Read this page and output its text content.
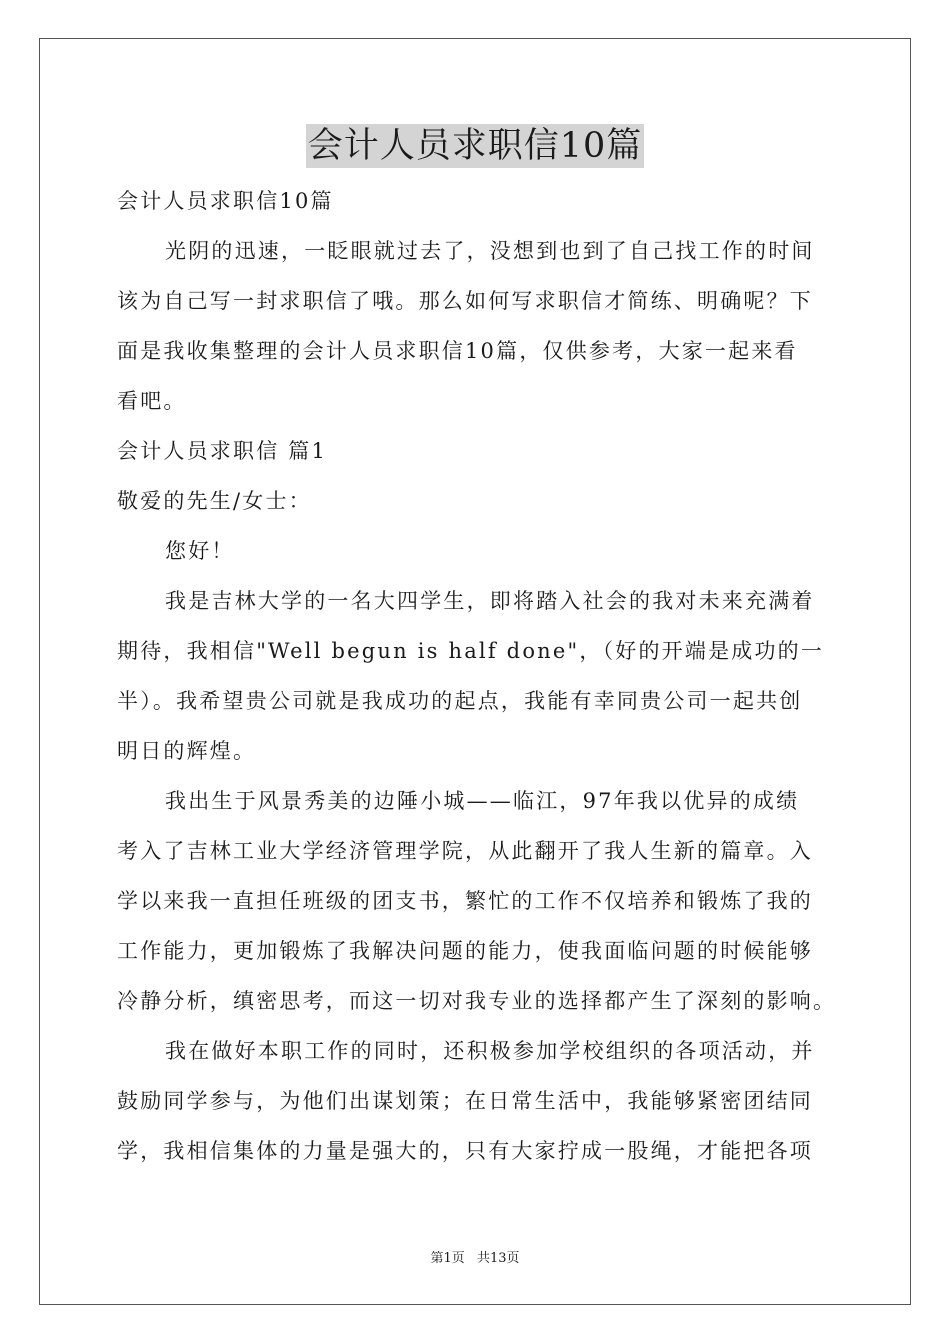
会计人员求职信10篇
会计人员求职信10篇
光阴的迅速，一眨眼就过去了，没想到也到了自己找工作的时间
该为自己写一封求职信了哦。那么如何写求职信才简练、明确呢？下
面是我收集整理的会计人员求职信10篇，仅供参考，大家一起来看
看吧。
会计人员求职信 篇1
敬爱的先生/女士：
您好！
我是吉林大学的一名大四学生，即将踏入社会的我对未来充满着
期待，我相信"Well begun is half done"，（好的开端是成功的一
半）。我希望贵公司就是我成功的起点，我能有幸同贵公司一起共创
明日的辉煌。
我出生于风景秀美的边陲小城——临江，97年我以优异的成绩
考入了吉林工业大学经济管理学院，从此翻开了我人生新的篇章。入
学以来我一直担任班级的团支书，繁忙的工作不仅培养和锻炼了我的
工作能力，更加锻炼了我解决问题的能力，使我面临问题的时候能够
冷静分析，缜密思考，而这一切对我专业的选择都产生了深刻的影响。
我在做好本职工作的同时，还积极参加学校组织的各项活动，并
鼓励同学参与，为他们出谋划策；在日常生活中，我能够紧密团结同
学，我相信集体的力量是强大的，只有大家拧成一股绳，才能把各项
第1页 共13页
